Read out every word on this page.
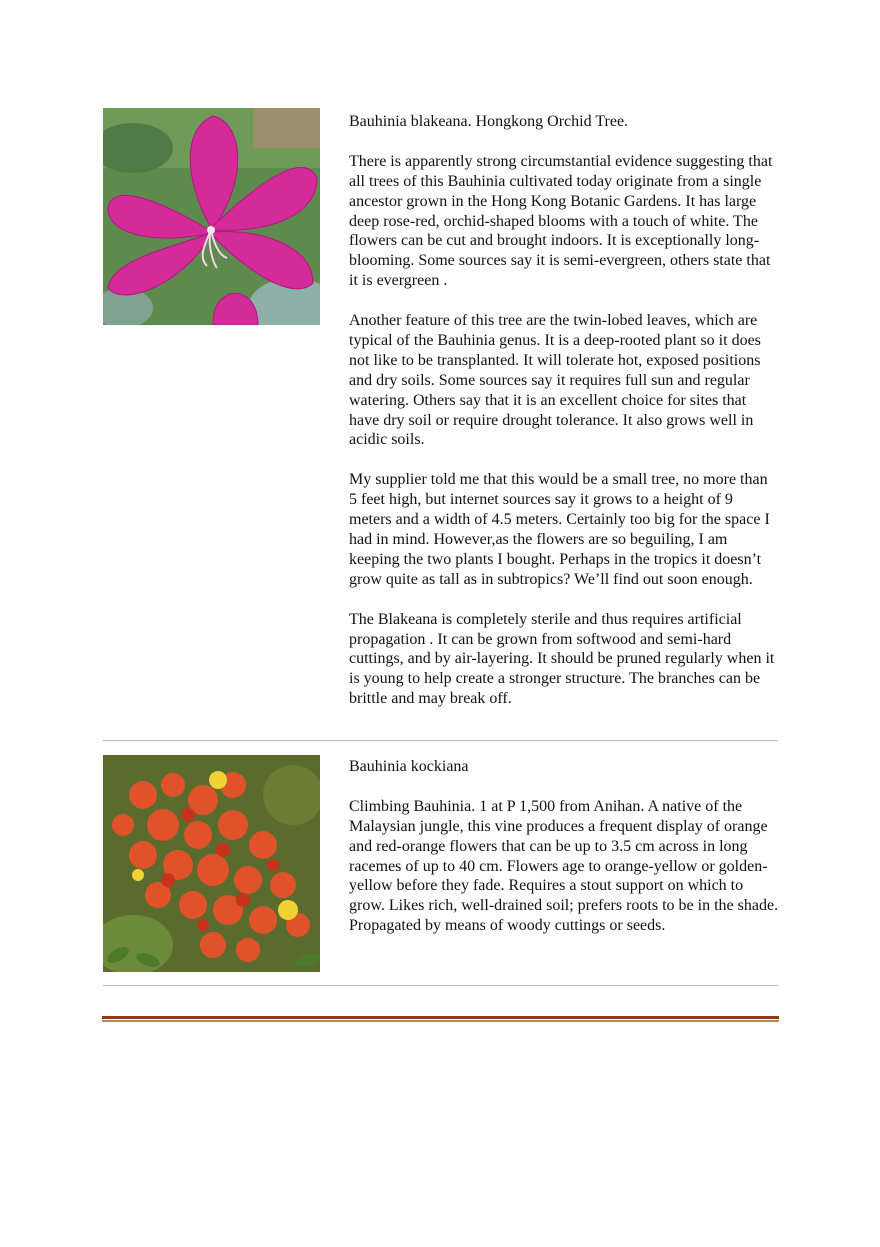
Bauhinia blakeana. Hongkong Orchid Tree.

There is apparently strong circumstantial evidence suggesting that all trees of this Bauhinia cultivated today originate from a single ancestor grown in the Hong Kong Botanic Gardens. It has large deep rose-red, orchid-shaped blooms with a touch of white. The flowers can be cut and brought indoors. It is exceptionally long-blooming. Some sources say it is semi-evergreen, others state that it is evergreen .

Another feature of this tree are the twin-lobed leaves, which are typical of the Bauhinia genus. It is a deep-rooted plant so it does not like to be transplanted. It will tolerate hot, exposed positions and dry soils. Some sources say it requires full sun and regular watering. Others say that it is an excellent choice for sites that have dry soil or require drought tolerance. It also grows well in acidic soils.

My supplier told me that this would be a small tree, no more than 5 feet high, but internet sources say it grows to a height of 9 meters and a width of 4.5 meters. Certainly too big for the space I had in mind. However,as the flowers are so beguiling, I am keeping the two plants I bought. Perhaps in the tropics it doesn’t grow quite as tall as in subtropics? We’ll find out soon enough.

The Blakeana is completely sterile and thus requires artificial propagation . It can be grown from softwood and semi-hard cuttings, and by air-layering. It should be pruned regularly when it is young to help create a stronger structure. The branches can be brittle and may break off.

Bauhinia kockiana

Climbing Bauhinia. 1 at P 1,500 from Anihan. A native of the Malaysian jungle, this vine produces a frequent display of orange and red-orange flowers that can be up to 3.5 cm across in long racemes of up to 40 cm. Flowers age to orange-yellow or golden-yellow before they fade. Requires a stout support on which to grow. Likes rich, well-drained soil; prefers roots to be in the shade. Propagated by means of woody cuttings or seeds.
